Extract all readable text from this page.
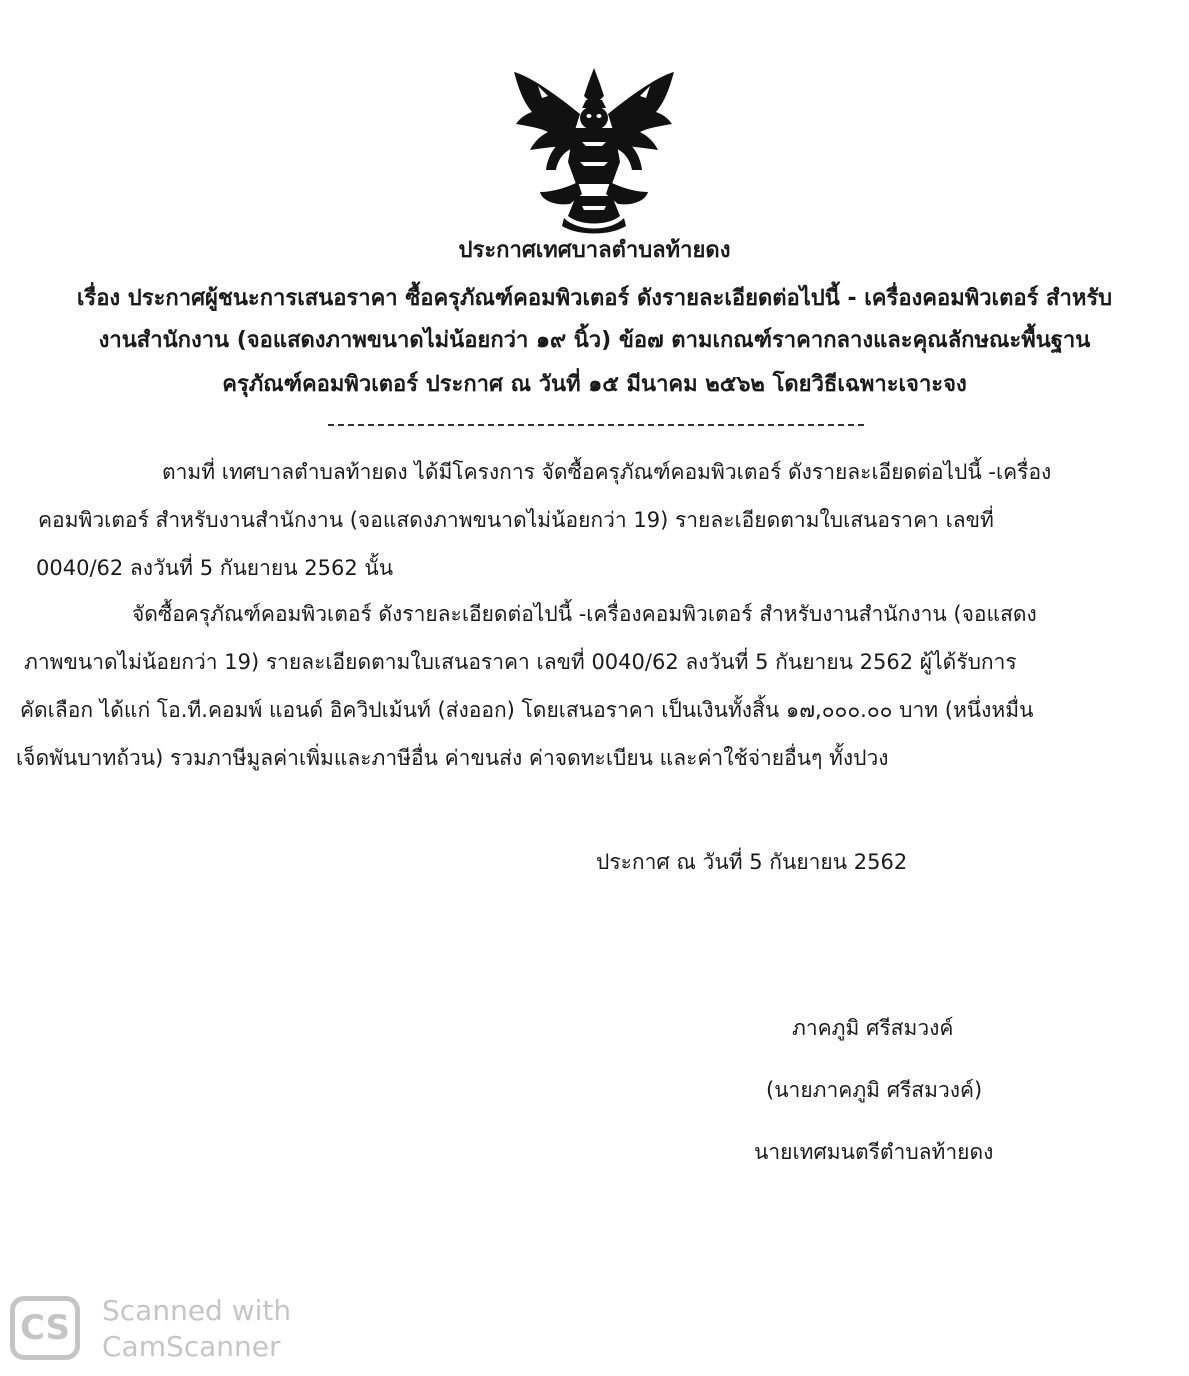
ประกาศเทศบาลตำบลท้ายดง
เรื่อง ประกาศผู้ชนะการเสนอราคา ซื้อครุภัณฑ์คอมพิวเตอร์ ดังรายละเอียดต่อไปนี้ - เครื่องคอมพิวเตอร์ สำหรับ
งานสำนักงาน (จอแสดงภาพขนาดไม่น้อยกว่า ๑๙ นิ้ว) ข้อ๗ ตามเกณฑ์ราคากลางและคุณลักษณะพื้นฐาน
ครุภัณฑ์คอมพิวเตอร์ ประกาศ ณ วันที่ ๑๕ มีนาคม ๒๕๖๒ โดยวิธีเฉพาะเจาะจง
ตามที่ เทศบาลตำบลท้ายดง ได้มีโครงการ จัดซื้อครุภัณฑ์คอมพิวเตอร์ ดังรายละเอียดต่อไปนี้ -เครื่อง
คอมพิวเตอร์ สำหรับงานสำนักงาน (จอแสดงภาพขนาดไม่น้อยกว่า 19) รายละเอียดตามใบเสนอราคา เลขที่
0040/62 ลงวันที่ 5 กันยายน 2562 นั้น
จัดซื้อครุภัณฑ์คอมพิวเตอร์ ดังรายละเอียดต่อไปนี้ -เครื่องคอมพิวเตอร์ สำหรับงานสำนักงาน (จอแสดง
ภาพขนาดไม่น้อยกว่า 19) รายละเอียดตามใบเสนอราคา เลขที่ 0040/62 ลงวันที่ 5 กันยายน 2562 ผู้ได้รับการ
คัดเลือก ได้แก่ โอ.ที.คอมพ์ แอนด์ อิควิปเม้นท์ (ส่งออก) โดยเสนอราคา เป็นเงินทั้งสิ้น ๑๗,๐๐๐.๐๐ บาท (หนึ่งหมื่น
เจ็ดพันบาทถ้วน) รวมภาษีมูลค่าเพิ่มและภาษีอื่น ค่าขนส่ง ค่าจดทะเบียน และค่าใช้จ่ายอื่นๆ ทั้งปวง
ประกาศ ณ วันที่ 5 กันยายน 2562
ภาคภูมิ ศรีสมวงค์
(นายภาคภูมิ ศรีสมวงค์)
นายเทศมนตรีตำบลท้ายดง
CS	Scanned with
CamScanner
